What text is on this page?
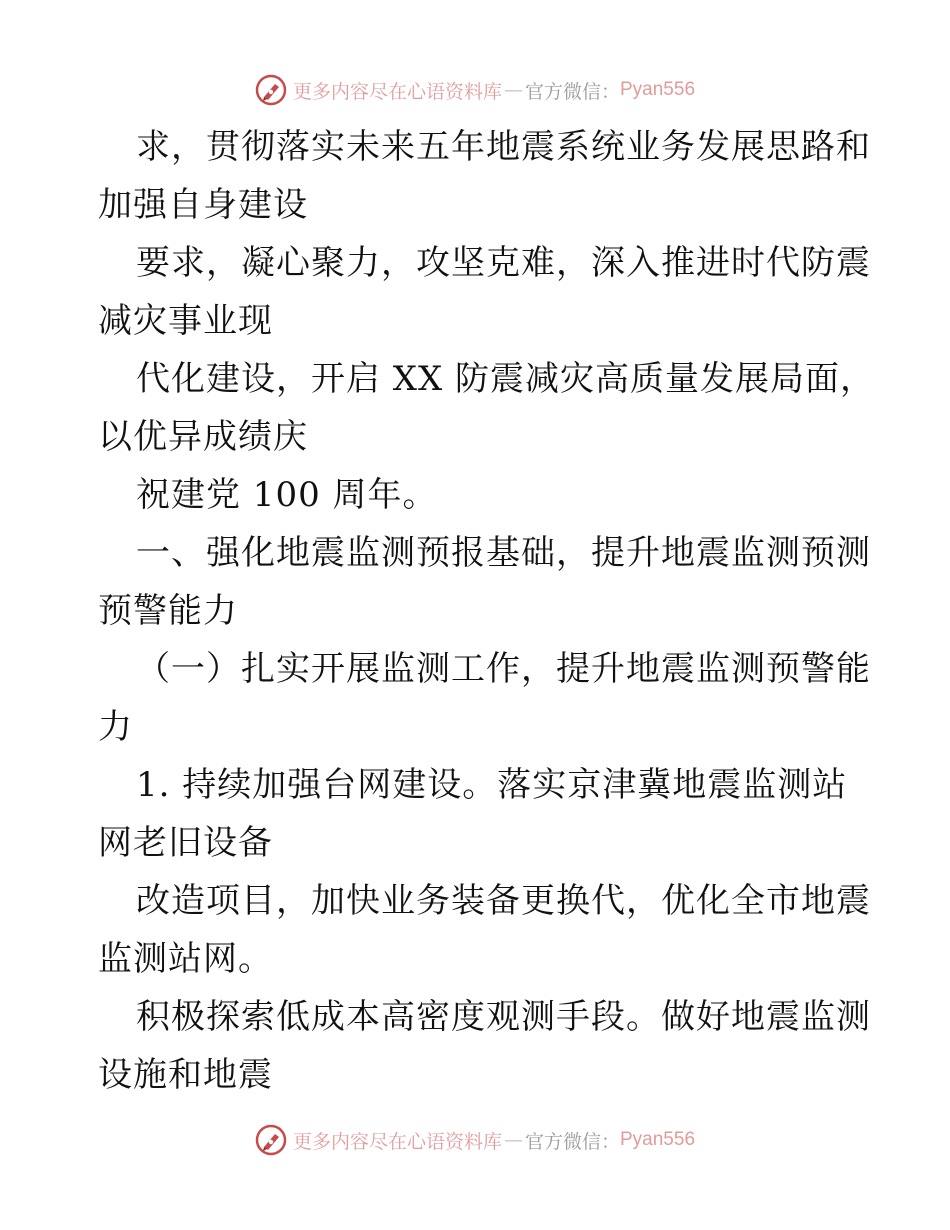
更多内容尽在心语资料库 — 官方微信： Pyan556

求，贯彻落实未来五年地震系统业务发展思路和
加强自身建设

要求，凝心聚力，攻坚克难，深入推进时代防震
减灾事业现

代化建设，开启 XX 防震减灾高质量发展局面，
以优异成绩庆

祝建党 100 周年。

一、强化地震监测预报基础，提升地震监测预测
预警能力

（一）扎实开展监测工作，提升地震监测预警能
力

1. 持续加强台网建设。落实京津冀地震监测站
网老旧设备

改造项目，加快业务装备更换代，优化全市地震
监测站网。

积极探索低成本高密度观测手段。做好地震监测
设施和地震

更多内容尽在心语资料库 — 官方微信： Pyan556
